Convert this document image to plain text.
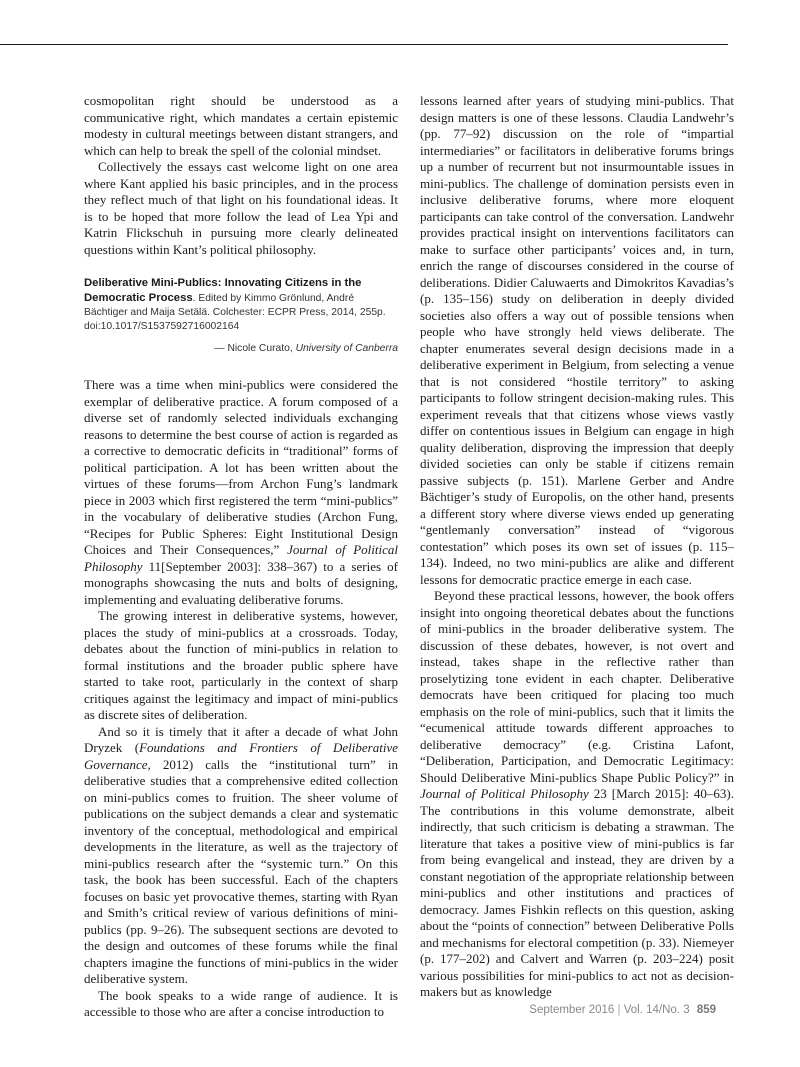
cosmopolitan right should be understood as a communicative right, which mandates a certain epistemic modesty in cultural meetings between distant strangers, and which can help to break the spell of the colonial mindset.

Collectively the essays cast welcome light on one area where Kant applied his basic principles, and in the process they reflect much of that light on his foundational ideas. It is to be hoped that more follow the lead of Lea Ypi and Katrin Flickschuh in pursuing more clearly delineated questions within Kant’s political philosophy.

Deliberative Mini-Publics: Innovating Citizens in the Democratic Process. Edited by Kimmo Grönlund, André Bächtiger and Maija Setälä. Colchester: ECPR Press, 2014, 255p.
doi:10.1017/S1537592716002164
— Nicole Curato, University of Canberra

There was a time when mini-publics were considered the exemplar of deliberative practice. A forum composed of a diverse set of randomly selected individuals exchanging reasons to determine the best course of action is regarded as a corrective to democratic deficits in “traditional” forms of political participation. A lot has been written about the virtues of these forums—from Archon Fung’s landmark piece in 2003 which first registered the term “mini-publics” in the vocabulary of deliberative studies (Archon Fung, “Recipes for Public Spheres: Eight Institutional Design Choices and Their Consequences,” Journal of Political Philosophy 11[September 2003]: 338–367) to a series of monographs showcasing the nuts and bolts of designing, implementing and evaluating deliberative forums.

The growing interest in deliberative systems, however, places the study of mini-publics at a crossroads. Today, debates about the function of mini-publics in relation to formal institutions and the broader public sphere have started to take root, particularly in the context of sharp critiques against the legitimacy and impact of mini-publics as discrete sites of deliberation.

And so it is timely that it after a decade of what John Dryzek (Foundations and Frontiers of Deliberative Governance, 2012) calls the “institutional turn” in deliberative studies that a comprehensive edited collection on mini-publics comes to fruition. The sheer volume of publications on the subject demands a clear and systematic inventory of the conceptual, methodological and empirical developments in the literature, as well as the trajectory of mini-publics research after the “systemic turn.” On this task, the book has been successful. Each of the chapters focuses on basic yet provocative themes, starting with Ryan and Smith’s critical review of various definitions of mini-publics (pp. 9–26). The subsequent sections are devoted to the design and outcomes of these forums while the final chapters imagine the functions of mini-publics in the wider deliberative system.

The book speaks to a wide range of audience. It is accessible to those who are after a concise introduction to

lessons learned after years of studying mini-publics. That design matters is one of these lessons. Claudia Landwehr’s (pp. 77–92) discussion on the role of “impartial intermediaries” or facilitators in deliberative forums brings up a number of recurrent but not insurmountable issues in mini-publics. The challenge of domination persists even in inclusive deliberative forums, where more eloquent participants can take control of the conversation. Landwehr provides practical insight on interventions facilitators can make to surface other participants’ voices and, in turn, enrich the range of discourses considered in the course of deliberations. Didier Caluwaerts and Dimokritos Kavadias’s (p. 135–156) study on deliberation in deeply divided societies also offers a way out of possible tensions when people who have strongly held views deliberate. The chapter enumerates several design decisions made in a deliberative experiment in Belgium, from selecting a venue that is not considered “hostile territory” to asking participants to follow stringent decision-making rules. This experiment reveals that that citizens whose views vastly differ on contentious issues in Belgium can engage in high quality deliberation, disproving the impression that deeply divided societies can only be stable if citizens remain passive subjects (p. 151). Marlene Gerber and Andre Bächtiger’s study of Europolis, on the other hand, presents a different story where diverse views ended up generating “gentlemanly conversation” instead of “vigorous contestation” which poses its own set of issues (p. 115–134). Indeed, no two mini-publics are alike and different lessons for democratic practice emerge in each case.

Beyond these practical lessons, however, the book offers insight into ongoing theoretical debates about the functions of mini-publics in the broader deliberative system. The discussion of these debates, however, is not overt and instead, takes shape in the reflective rather than proselytizing tone evident in each chapter. Deliberative democrats have been critiqued for placing too much emphasis on the role of mini-publics, such that it limits the “ecumenical attitude towards different approaches to deliberative democracy” (e.g. Cristina Lafont, “Deliberation, Participation, and Democratic Legitimacy: Should Deliberative Mini-publics Shape Public Policy?” in Journal of Political Philosophy 23 [March 2015]: 40–63). The contributions in this volume demonstrate, albeit indirectly, that such criticism is debating a strawman. The literature that takes a positive view of mini-publics is far from being evangelical and instead, they are driven by a constant negotiation of the appropriate relationship between mini-publics and other institutions and practices of democracy. James Fishkin reflects on this question, asking about the “points of connection” between Deliberative Polls and mechanisms for electoral competition (p. 33). Niemeyer (p. 177–202) and Calvert and Warren (p. 203–224) posit various possibilities for mini-publics to act not as decision-makers but as knowledge

September 2016 | Vol. 14/No. 3 859
